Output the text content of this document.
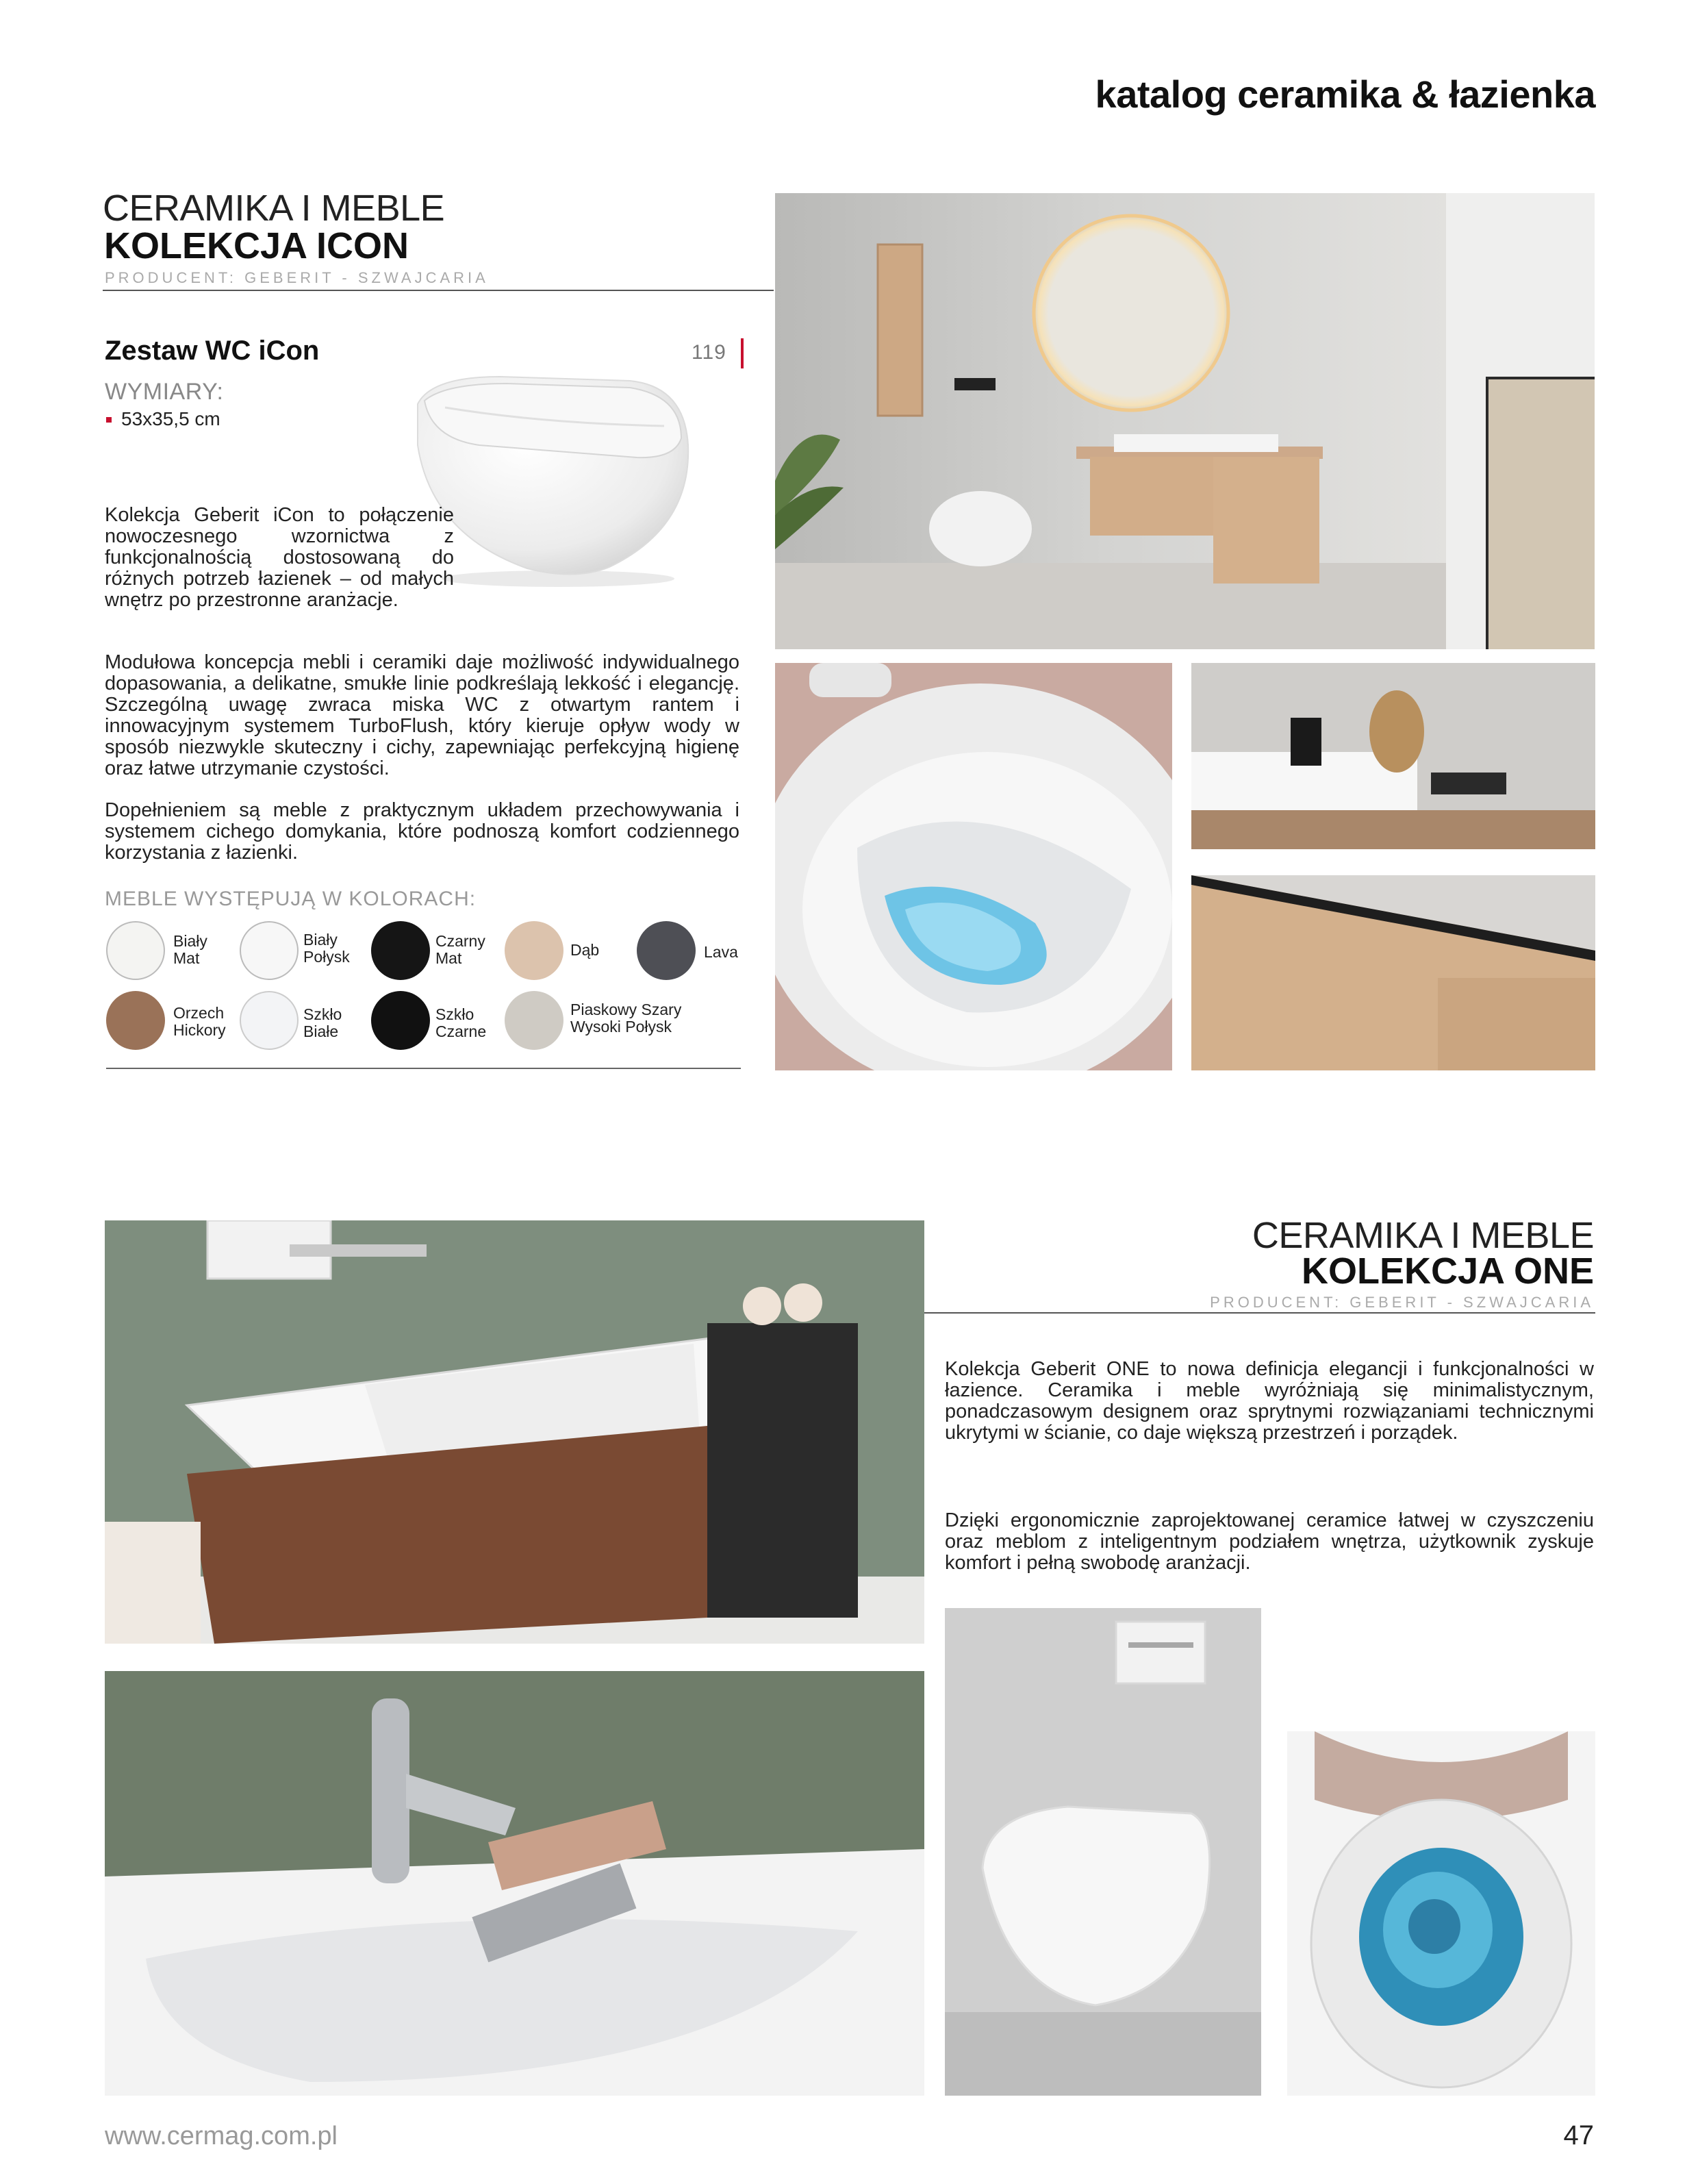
katalog ceramika & łazienka
CERAMIKA I MEBLE
KOLEKCJA ICON
PRODUCENT: GEBERIT - SZWAJCARIA
Zestaw WC iCon	119
WYMIARY:
53x35,5 cm
Kolekcja Geberit iCon to połączenie nowoczesnego wzornictwa z funkcjonalnością dostosowaną do różnych potrzeb łazienek – od małych wnętrz po przestronne aranżacje.
Modułowa koncepcja mebli i ceramiki daje możliwość indywidualnego dopasowania, a delikatne, smukłe linie podkreślają lekkość i elegancję. Szczególną uwagę zwraca miska WC z otwartym rantem i innowacyjnym systemem TurboFlush, który kieruje opływ wody w sposób niezwykle skuteczny i cichy, zapewniając perfekcyjną higienę oraz łatwe utrzymanie czystości.
Dopełnieniem są meble z praktycznym układem przechowywania i systemem cichego domykania, które podnoszą komfort codziennego korzystania z łazienki.
MEBLE WYSTĘPUJĄ W KOLORACH:
Biały
Mat
Biały
Połysk
Czarny
Mat	Dąb	Lava
Orzech
Hickory
Szkło
Białe
Szkło
Czarne
Piaskowy Szary
Wysoki Połysk
CERAMIKA I MEBLE
KOLEKCJA ONE
PRODUCENT: GEBERIT - SZWAJCARIA
Kolekcja Geberit ONE to nowa definicja elegancji i funkcjonalności w łazience. Ceramika i meble wyróżniają się minimalistycznym, ponadczasowym designem oraz sprytnymi rozwiązaniami technicznymi ukrytymi w ścianie, co daje większą przestrzeń i porządek.
Dzięki ergonomicznie zaprojektowanej ceramice łatwej w czyszczeniu oraz meblom z inteligentnym podziałem wnętrza, użytkownik zyskuje komfort i pełną swobodę aranżacji.
www.cermag.com.pl	47
